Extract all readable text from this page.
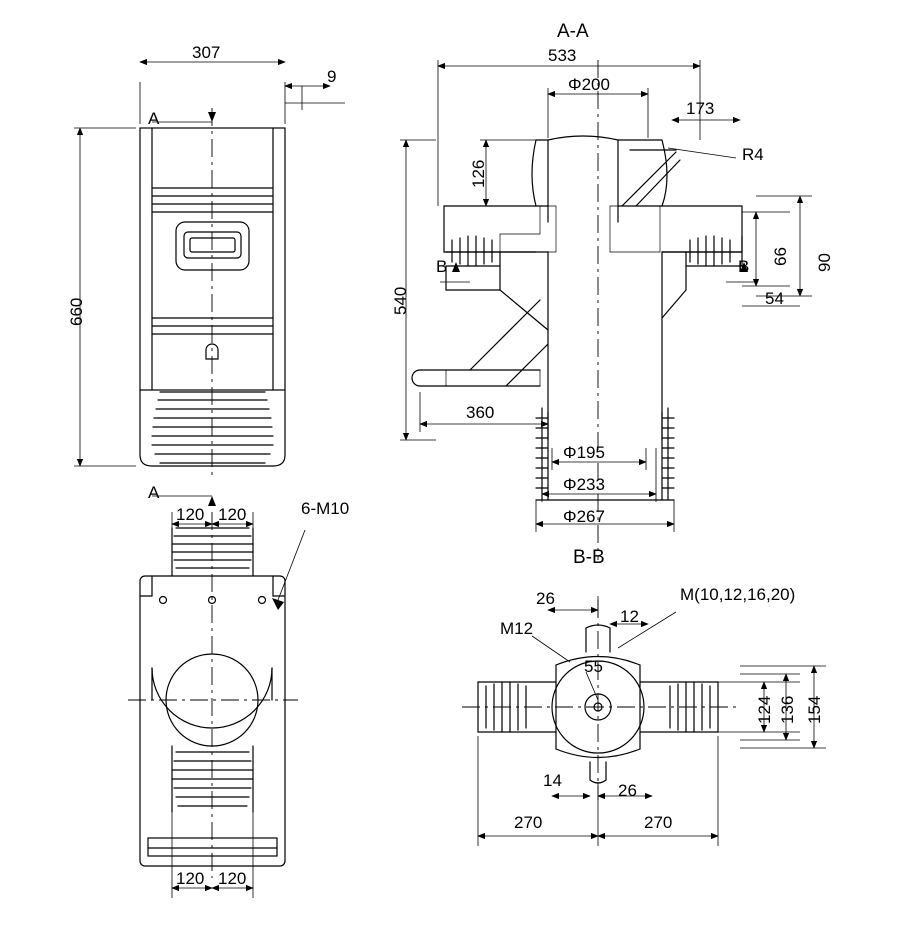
307
9
660
A
A
120 120
120 120
6-M10
A-A
533
Φ200
173
R4
126
540
66 90
54
360
Φ195
Φ233
Φ267
B	B
B-B
26
12
55
M12
M(10,12,16,20)
124 136 154
14
26
270	270
